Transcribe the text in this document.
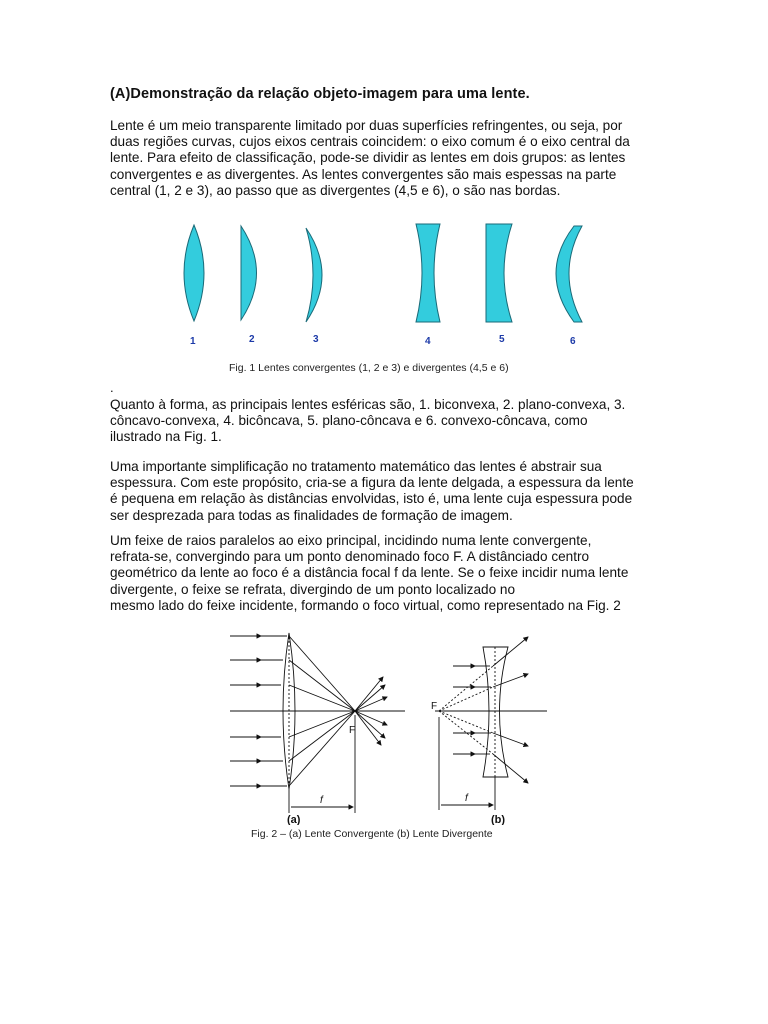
(A)Demonstração da relação objeto-imagem para uma lente.

Lente é um meio transparente limitado por duas superfícies refringentes, ou seja, por

duas regiões curvas, cujos eixos centrais coincidem: o eixo comum é o eixo central da

lente. Para efeito de classificação, pode-se dividir as lentes em dois grupos: as lentes

convergentes e as divergentes. As lentes convergentes são mais espessas na parte

central (1, 2 e 3), ao passo que as divergentes (4,5 e 6), o são nas bordas.

1	2	3	4	5	6
Fig. 1 Lentes convergentes (1, 2 e 3) e divergentes (4,5 e 6)
.

Quanto à forma, as principais lentes esféricas são, 1. biconvexa, 2. plano-convexa, 3.

côncavo-convexa, 4. bicôncava, 5. plano-côncava e 6. convexo-côncava, como

ilustrado na Fig. 1.

Uma importante simplificação no tratamento matemático das lentes é abstrair sua

espessura. Com este propósito, cria-se a figura da lente delgada, a espessura da lente

é pequena em relação às distâncias envolvidas, isto é, uma lente cuja espessura pode

ser desprezada para todas as finalidades de formação de imagem.

Um feixe de raios paralelos ao eixo principal, incidindo numa lente convergente,

refrata-se, convergindo para um ponto denominado foco F. A distânciado centro

geométrico da lente ao foco é a distância focal f da lente. Se o feixe incidir numa lente

divergente, o feixe se refrata, divergindo de um ponto localizado no

mesmo lado do feixe incidente, formando o foco virtual, como representado na Fig. 2

F
F
f	f
(a)	(b)
Fig. 2 – (a) Lente Convergente (b) Lente Divergente
